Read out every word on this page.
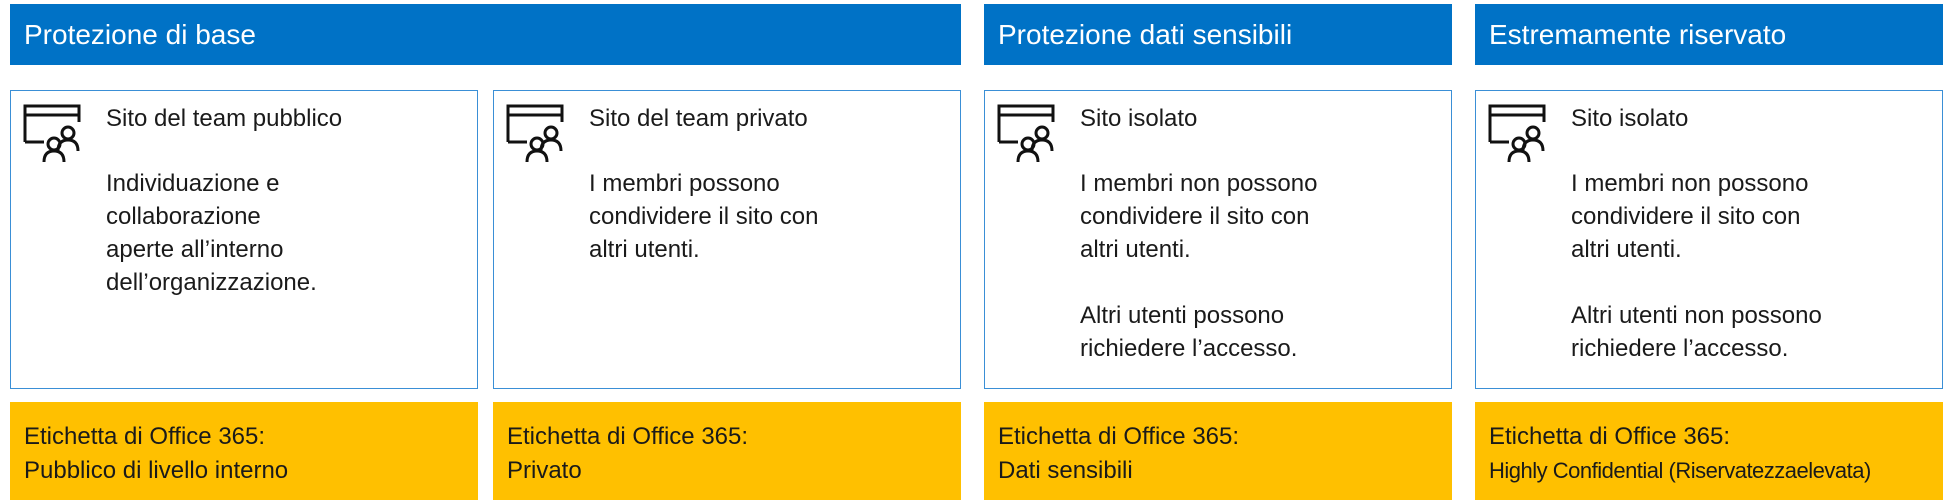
Protezione di base	Protezione dati sensibili	Estremamente riservato
Sito del team pubblico

Individuazione e
collaborazione
aperte all’interno
dell’organizzazione.

Sito del team privato

I membri possono
condividere il sito con
altri utenti.

Sito isolato

I membri non possono
condividere il sito con
altri utenti.

Altri utenti possono
richiedere l’accesso.

Sito isolato

I membri non possono
condividere il sito con
altri utenti.

Altri utenti non possono
richiedere l’accesso.

Etichetta di Office 365:
Pubblico di livello interno
Etichetta di Office 365:
Privato
Etichetta di Office 365:
Dati sensibili
Etichetta di Office 365:
Highly Confidential (Riservatezzaelevata)
